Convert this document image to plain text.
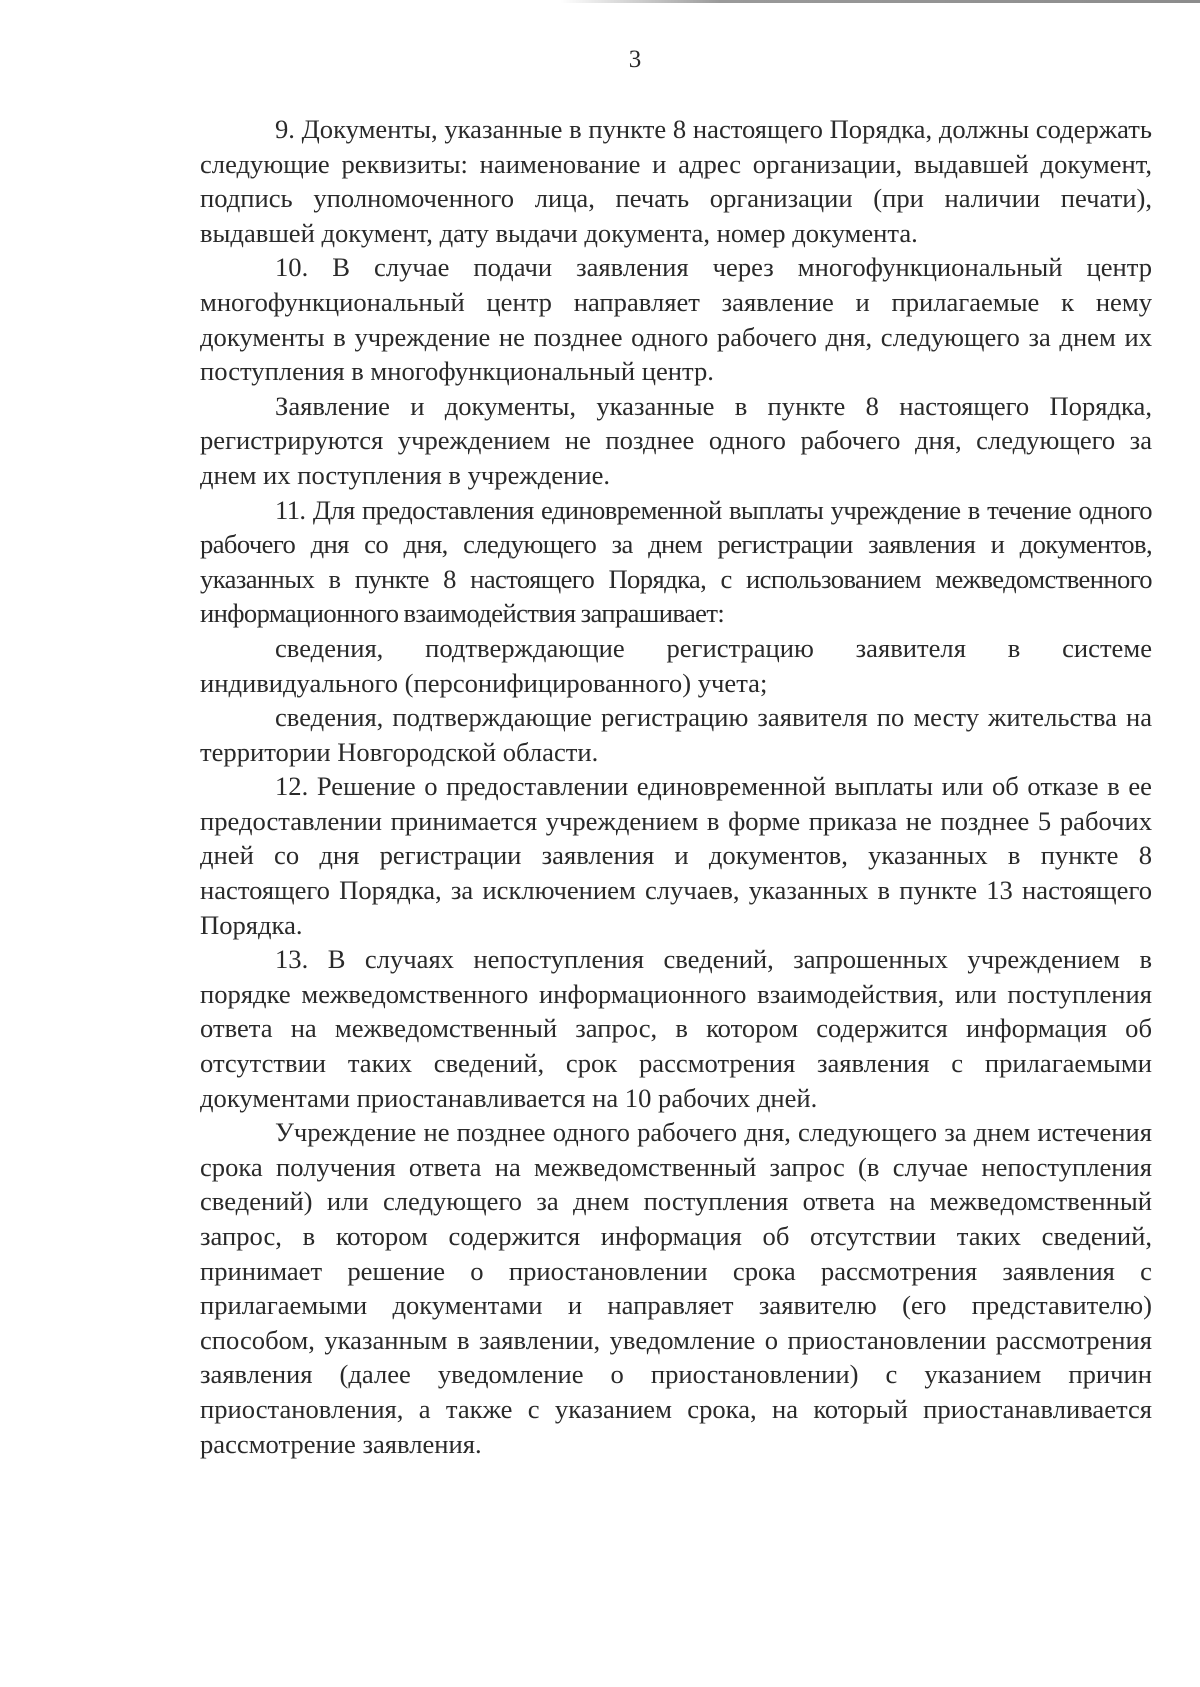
3

9. Документы, указанные в пункте 8 настоящего Порядка, должны содержать следующие реквизиты: наименование и адрес организации, выдавшей документ, подпись уполномоченного лица, печать организации (при наличии печати), выдавшей документ, дату выдачи документа, номер документа.

10. В случае подачи заявления через многофункциональный центр многофункциональный центр направляет заявление и прилагаемые к нему документы в учреждение не позднее одного рабочего дня, следующего за днем их поступления в многофункциональный центр.

Заявление и документы, указанные в пункте 8 настоящего Порядка, регистрируются учреждением не позднее одного рабочего дня, следующего за днем их поступления в учреждение.

11. Для предоставления единовременной выплаты учреждение в течение одного рабочего дня со дня, следующего за днем регистрации заявления и документов, указанных в пункте 8 настоящего Порядка, с использованием межведомственного информационного взаимодействия запрашивает:

сведения, подтверждающие регистрацию заявителя в системе индивидуального (персонифицированного) учета;

сведения, подтверждающие регистрацию заявителя по месту жительства на территории Новгородской области.

12. Решение о предоставлении единовременной выплаты или об отказе в ее предоставлении принимается учреждением в форме приказа не позднее 5 рабочих дней со дня регистрации заявления и документов, указанных в пункте 8 настоящего Порядка, за исключением случаев, указанных в пункте 13 настоящего Порядка.

13. В случаях непоступления сведений, запрошенных учреждением в порядке межведомственного информационного взаимодействия, или поступления ответа на межведомственный запрос, в котором содержится информация об отсутствии таких сведений, срок рассмотрения заявления с прилагаемыми документами приостанавливается на 10 рабочих дней.

Учреждение не позднее одного рабочего дня, следующего за днем истечения срока получения ответа на межведомственный запрос (в случае непоступления сведений) или следующего за днем поступления ответа на межведомственный запрос, в котором содержится информация об отсутствии таких сведений, принимает решение о приостановлении срока рассмотрения заявления с прилагаемыми документами и направляет заявителю (его представителю) способом, указанным в заявлении, уведомление о приостановлении рассмотрения заявления (далее уведомление о приостановлении) с указанием причин приостановления, а также с указанием срока, на который приостанавливается рассмотрение заявления.
